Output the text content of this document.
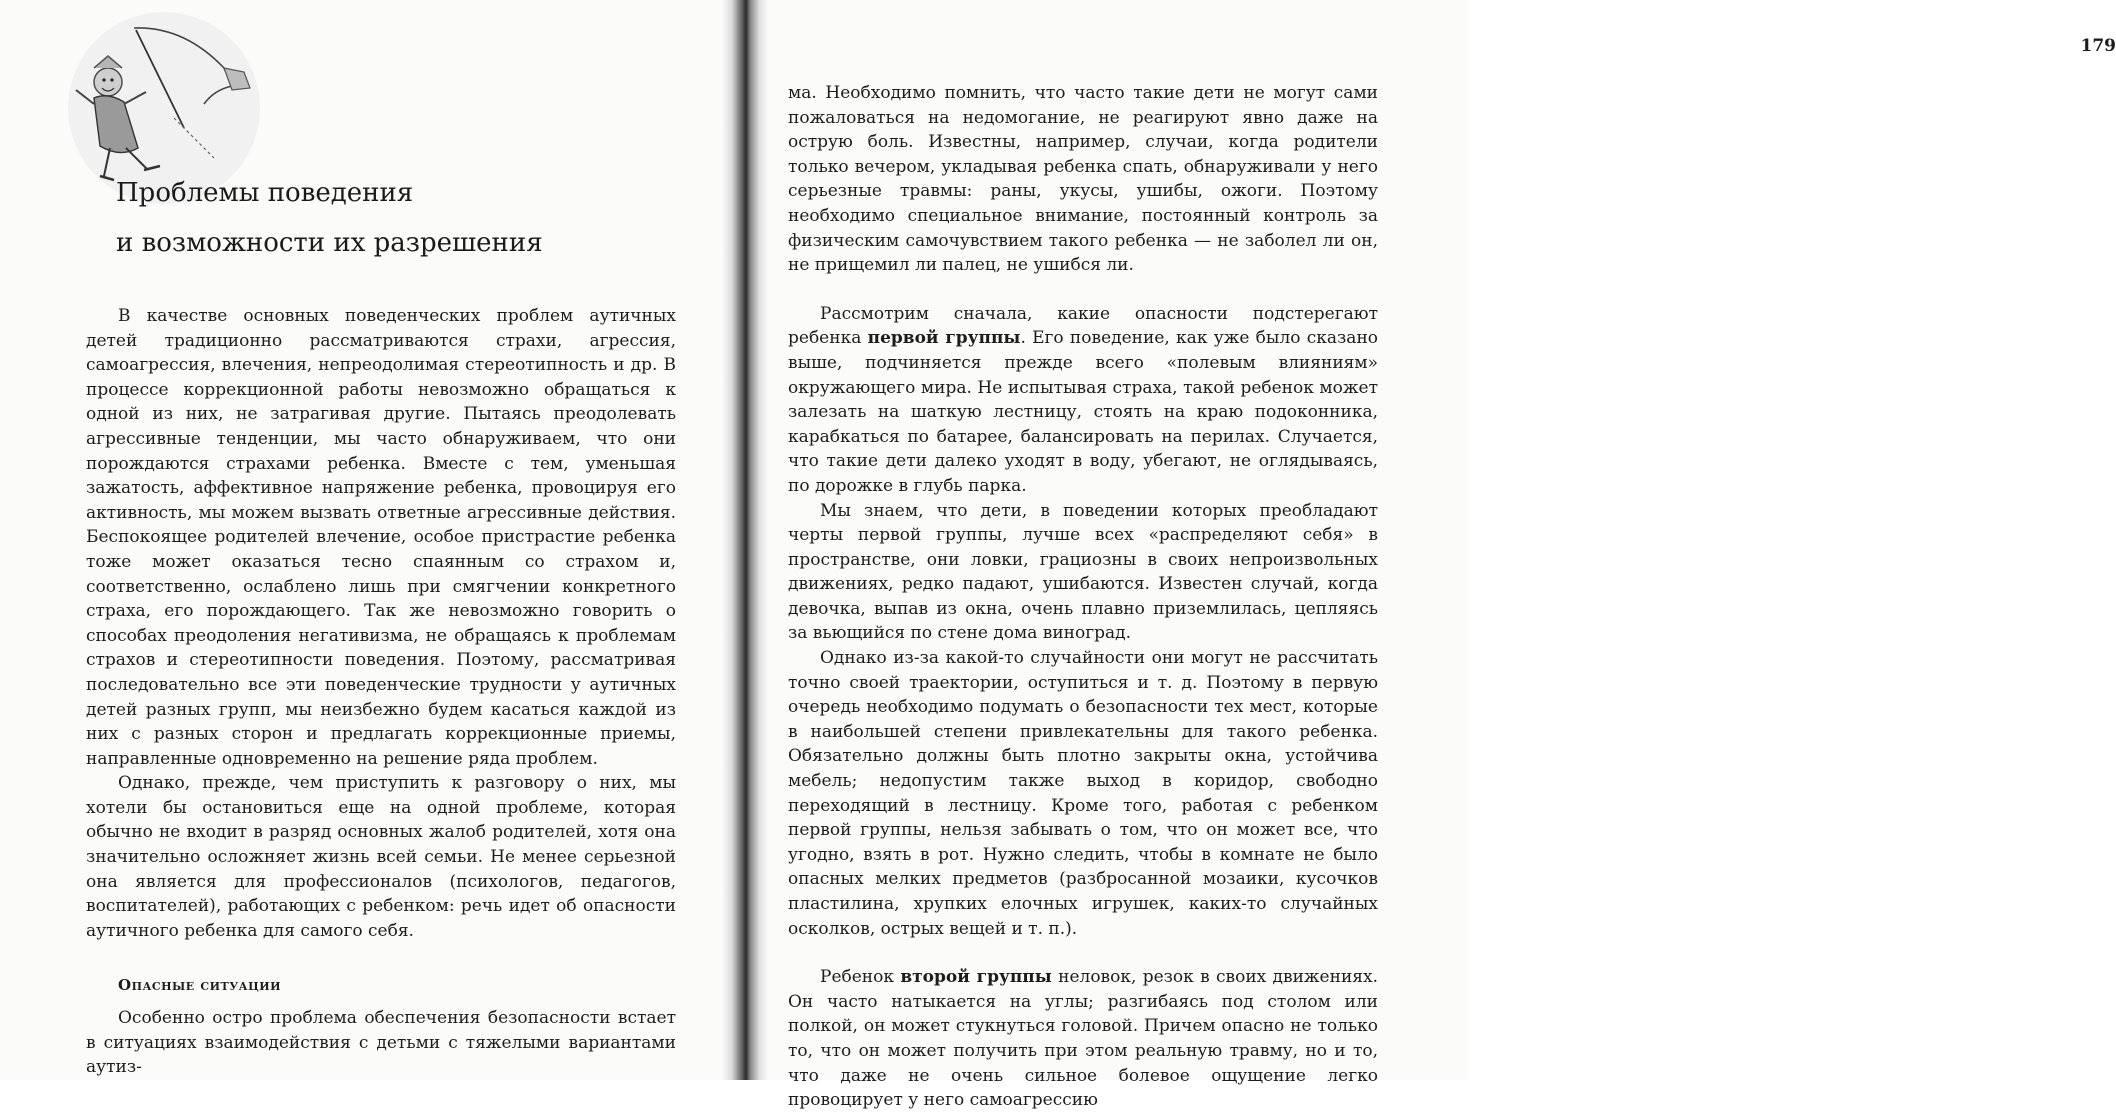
Проблемы поведения
и возможности их разрешения

В качестве основных поведенческих проблем аутичных детей традиционно рассматриваются страхи, агрессия, самоагрессия, влечения, непреодолимая стереотипность и др. В процессе коррекционной работы невозможно обращаться к одной из них, не затрагивая другие. Пытаясь преодолевать агрессивные тенденции, мы часто обнаруживаем, что они порождаются страхами ребенка. Вместе с тем, уменьшая зажатость, аффективное напряжение ребенка, провоцируя его активность, мы можем вызвать ответные агрессивные действия. Беспокоящее родителей влечение, особое пристрастие ребенка тоже может оказаться тесно спаянным со страхом и, соответственно, ослаблено лишь при смягчении конкретного страха, его порождающего. Так же невозможно говорить о способах преодоления негативизма, не обращаясь к проблемам страхов и стереотипности поведения. Поэтому, рассматривая последовательно все эти поведенческие трудности у аутичных детей разных групп, мы неизбежно будем касаться каждой из них с разных сторон и предлагать коррекционные приемы, направленные одновременно на решение ряда проблем.

Однако, прежде, чем приступить к разговору о них, мы хотели бы остановиться еще на одной проблеме, которая обычно не входит в разряд основных жалоб родителей, хотя она значительно осложняет жизнь всей семьи. Не менее серьезной она является для профессионалов (психологов, педагогов, воспитателей), работающих с ребенком: речь идет об опасности аутичного ребенка для самого себя.

Опасные ситуации

Особенно остро проблема обеспечения безопасности встает в ситуациях взаимодействия с детьми с тяжелыми вариантами аутиз-

179

ма. Необходимо помнить, что часто такие дети не могут сами пожаловаться на недомогание, не реагируют явно даже на острую боль. Известны, например, случаи, когда родители только вечером, укладывая ребенка спать, обнаруживали у него серьезные травмы: раны, укусы, ушибы, ожоги. Поэтому необходимо специальное внимание, постоянный контроль за физическим самочувствием такого ребенка — не заболел ли он, не прищемил ли палец, не ушибся ли.

Рассмотрим сначала, какие опасности подстерегают ребенка первой группы. Его поведение, как уже было сказано выше, подчиняется прежде всего «полевым влияниям» окружающего мира. Не испытывая страха, такой ребенок может залезать на шаткую лестницу, стоять на краю подоконника, карабкаться по батарее, балансировать на перилах. Случается, что такие дети далеко уходят в воду, убегают, не оглядываясь, по дорожке в глубь парка.

Мы знаем, что дети, в поведении которых преобладают черты первой группы, лучше всех «распределяют себя» в пространстве, они ловки, грациозны в своих непроизвольных движениях, редко падают, ушибаются. Известен случай, когда девочка, выпав из окна, очень плавно приземлилась, цепляясь за вьющийся по стене дома виноград.

Однако из-за какой-то случайности они могут не рассчитать точно своей траектории, оступиться и т. д. Поэтому в первую очередь необходимо подумать о безопасности тех мест, которые в наибольшей степени привлекательны для такого ребенка. Обязательно должны быть плотно закрыты окна, устойчива мебель; недопустим также выход в коридор, свободно переходящий в лестницу. Кроме того, работая с ребенком первой группы, нельзя забывать о том, что он может все, что угодно, взять в рот. Нужно следить, чтобы в комнате не было опасных мелких предметов (разбросанной мозаики, кусочков пластилина, хрупких елочных игрушек, каких-то случайных осколков, острых вещей и т. п.).

Ребенок второй группы неловок, резок в своих движениях. Он часто натыкается на углы; разгибаясь под столом или полкой, он может стукнуться головой. Причем опасно не только то, что он может получить при этом реальную травму, но и то, что даже не очень сильное болевое ощущение легко провоцирует у него самоагрессию
